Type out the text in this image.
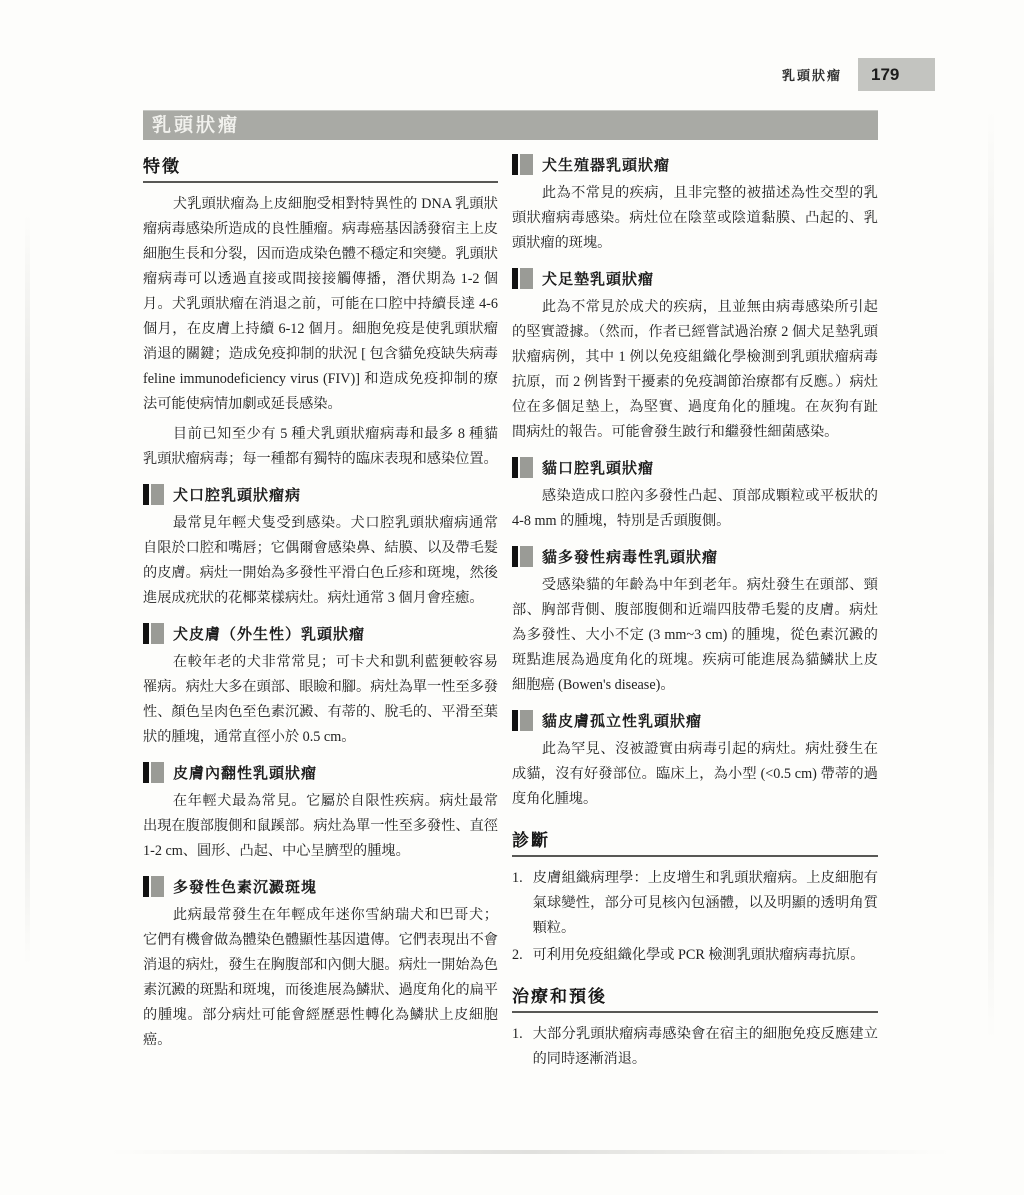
乳頭狀瘤	179
乳頭狀瘤
特徵

犬乳頭狀瘤為上皮細胞受相對特異性的 DNA 乳頭狀瘤病毒感染所造成的良性腫瘤。病毒癌基因誘發宿主上皮細胞生長和分裂，因而造成染色體不穩定和突變。乳頭狀瘤病毒可以透過直接或間接接觸傳播，潛伏期為 1-2 個月。犬乳頭狀瘤在消退之前，可能在口腔中持續長達 4-6 個月，在皮膚上持續 6-12 個月。細胞免疫是使乳頭狀瘤消退的關鍵；造成免疫抑制的狀況 [ 包含貓免疫缺失病毒 feline immunodeficiency virus (FIV)] 和造成免疫抑制的療法可能使病情加劇或延長感染。

目前已知至少有 5 種犬乳頭狀瘤病毒和最多 8 種貓乳頭狀瘤病毒；每一種都有獨特的臨床表現和感染位置。

犬口腔乳頭狀瘤病

最常見年輕犬隻受到感染。犬口腔乳頭狀瘤病通常自限於口腔和嘴唇；它偶爾會感染鼻、結膜、以及帶毛髮的皮膚。病灶一開始為多發性平滑白色丘疹和斑塊，然後進展成疣狀的花椰菜樣病灶。病灶通常 3 個月會痊癒。

犬皮膚（外生性）乳頭狀瘤

在較年老的犬非常常見；可卡犬和凱利藍㹴較容易罹病。病灶大多在頭部、眼瞼和腳。病灶為單一性至多發性、顏色呈肉色至色素沉澱、有蒂的、脫毛的、平滑至葉狀的腫塊，通常直徑小於 0.5 cm。

皮膚內翻性乳頭狀瘤

在年輕犬最為常見。它屬於自限性疾病。病灶最常出現在腹部腹側和鼠蹊部。病灶為單一性至多發性、直徑 1-2 cm、圓形、凸起、中心呈臍型的腫塊。

多發性色素沉澱斑塊

此病最常發生在年輕成年迷你雪納瑞犬和巴哥犬；它們有機會做為體染色體顯性基因遺傳。它們表現出不會消退的病灶，發生在胸腹部和內側大腿。病灶一開始為色素沉澱的斑點和斑塊，而後進展為鱗狀、過度角化的扁平的腫塊。部分病灶可能會經歷惡性轉化為鱗狀上皮細胞癌。

犬生殖器乳頭狀瘤

此為不常見的疾病，且非完整的被描述為性交型的乳頭狀瘤病毒感染。病灶位在陰莖或陰道黏膜、凸起的、乳頭狀瘤的斑塊。

犬足墊乳頭狀瘤

此為不常見於成犬的疾病，且並無由病毒感染所引起的堅實證據。（然而，作者已經嘗試過治療 2 個犬足墊乳頭狀瘤病例，其中 1 例以免疫組織化學檢測到乳頭狀瘤病毒抗原，而 2 例皆對干擾素的免疫調節治療都有反應。）病灶位在多個足墊上，為堅實、過度角化的腫塊。在灰狗有趾間病灶的報告。可能會發生跛行和繼發性細菌感染。

貓口腔乳頭狀瘤

感染造成口腔內多發性凸起、頂部成顆粒或平板狀的 4-8 mm 的腫塊，特別是舌頭腹側。

貓多發性病毒性乳頭狀瘤

受感染貓的年齡為中年到老年。病灶發生在頭部、頸部、胸部背側、腹部腹側和近端四肢帶毛髮的皮膚。病灶為多發性、大小不定 (3 mm~3 cm) 的腫塊，從色素沉澱的斑點進展為過度角化的斑塊。疾病可能進展為貓鱗狀上皮細胞癌 (Bowen's disease)。

貓皮膚孤立性乳頭狀瘤

此為罕見、沒被證實由病毒引起的病灶。病灶發生在成貓，沒有好發部位。臨床上，為小型 (<0.5 cm) 帶蒂的過度角化腫塊。

診斷
1. 皮膚組織病理學：上皮增生和乳頭狀瘤病。上皮細胞有氣球變性，部分可見核內包涵體，以及明顯的透明角質顆粒。
2. 可利用免疫組織化學或 PCR 檢測乳頭狀瘤病毒抗原。
治療和預後
1. 大部分乳頭狀瘤病毒感染會在宿主的細胞免疫反應建立的同時逐漸消退。
